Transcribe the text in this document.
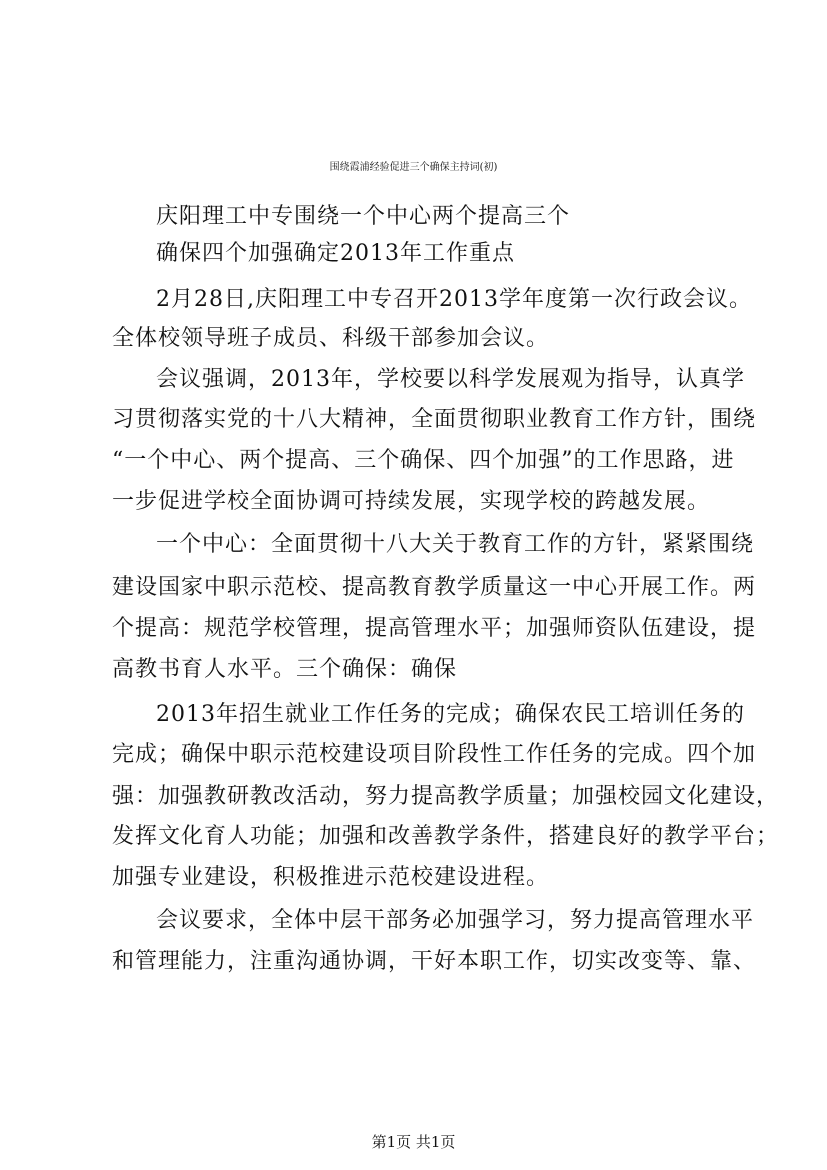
围绕霞浦经验促进三个确保主持词(初)
庆阳理工中专围绕一个中心两个提高三个
确保四个加强确定2013年工作重点
2月28日,庆阳理工中专召开2013学年度第一次行政会议。
全体校领导班子成员、科级干部参加会议。
会议强调，2013年，学校要以科学发展观为指导，认真学
习贯彻落实党的十八大精神，全面贯彻职业教育工作方针，围绕
“一个中心、两个提高、三个确保、四个加强”的工作思路，进
一步促进学校全面协调可持续发展，实现学校的跨越发展。
一个中心：全面贯彻十八大关于教育工作的方针，紧紧围绕
建设国家中职示范校、提高教育教学质量这一中心开展工作。两
个提高：规范学校管理，提高管理水平；加强师资队伍建设，提
高教书育人水平。三个确保：确保
2013年招生就业工作任务的完成；确保农民工培训任务的
完成；确保中职示范校建设项目阶段性工作任务的完成。四个加
强：加强教研教改活动，努力提高教学质量；加强校园文化建设，
发挥文化育人功能；加强和改善教学条件，搭建良好的教学平台；
加强专业建设，积极推进示范校建设进程。
会议要求，全体中层干部务必加强学习，努力提高管理水平
和管理能力，注重沟通协调，干好本职工作，切实改变等、靠、
第1页 共1页
